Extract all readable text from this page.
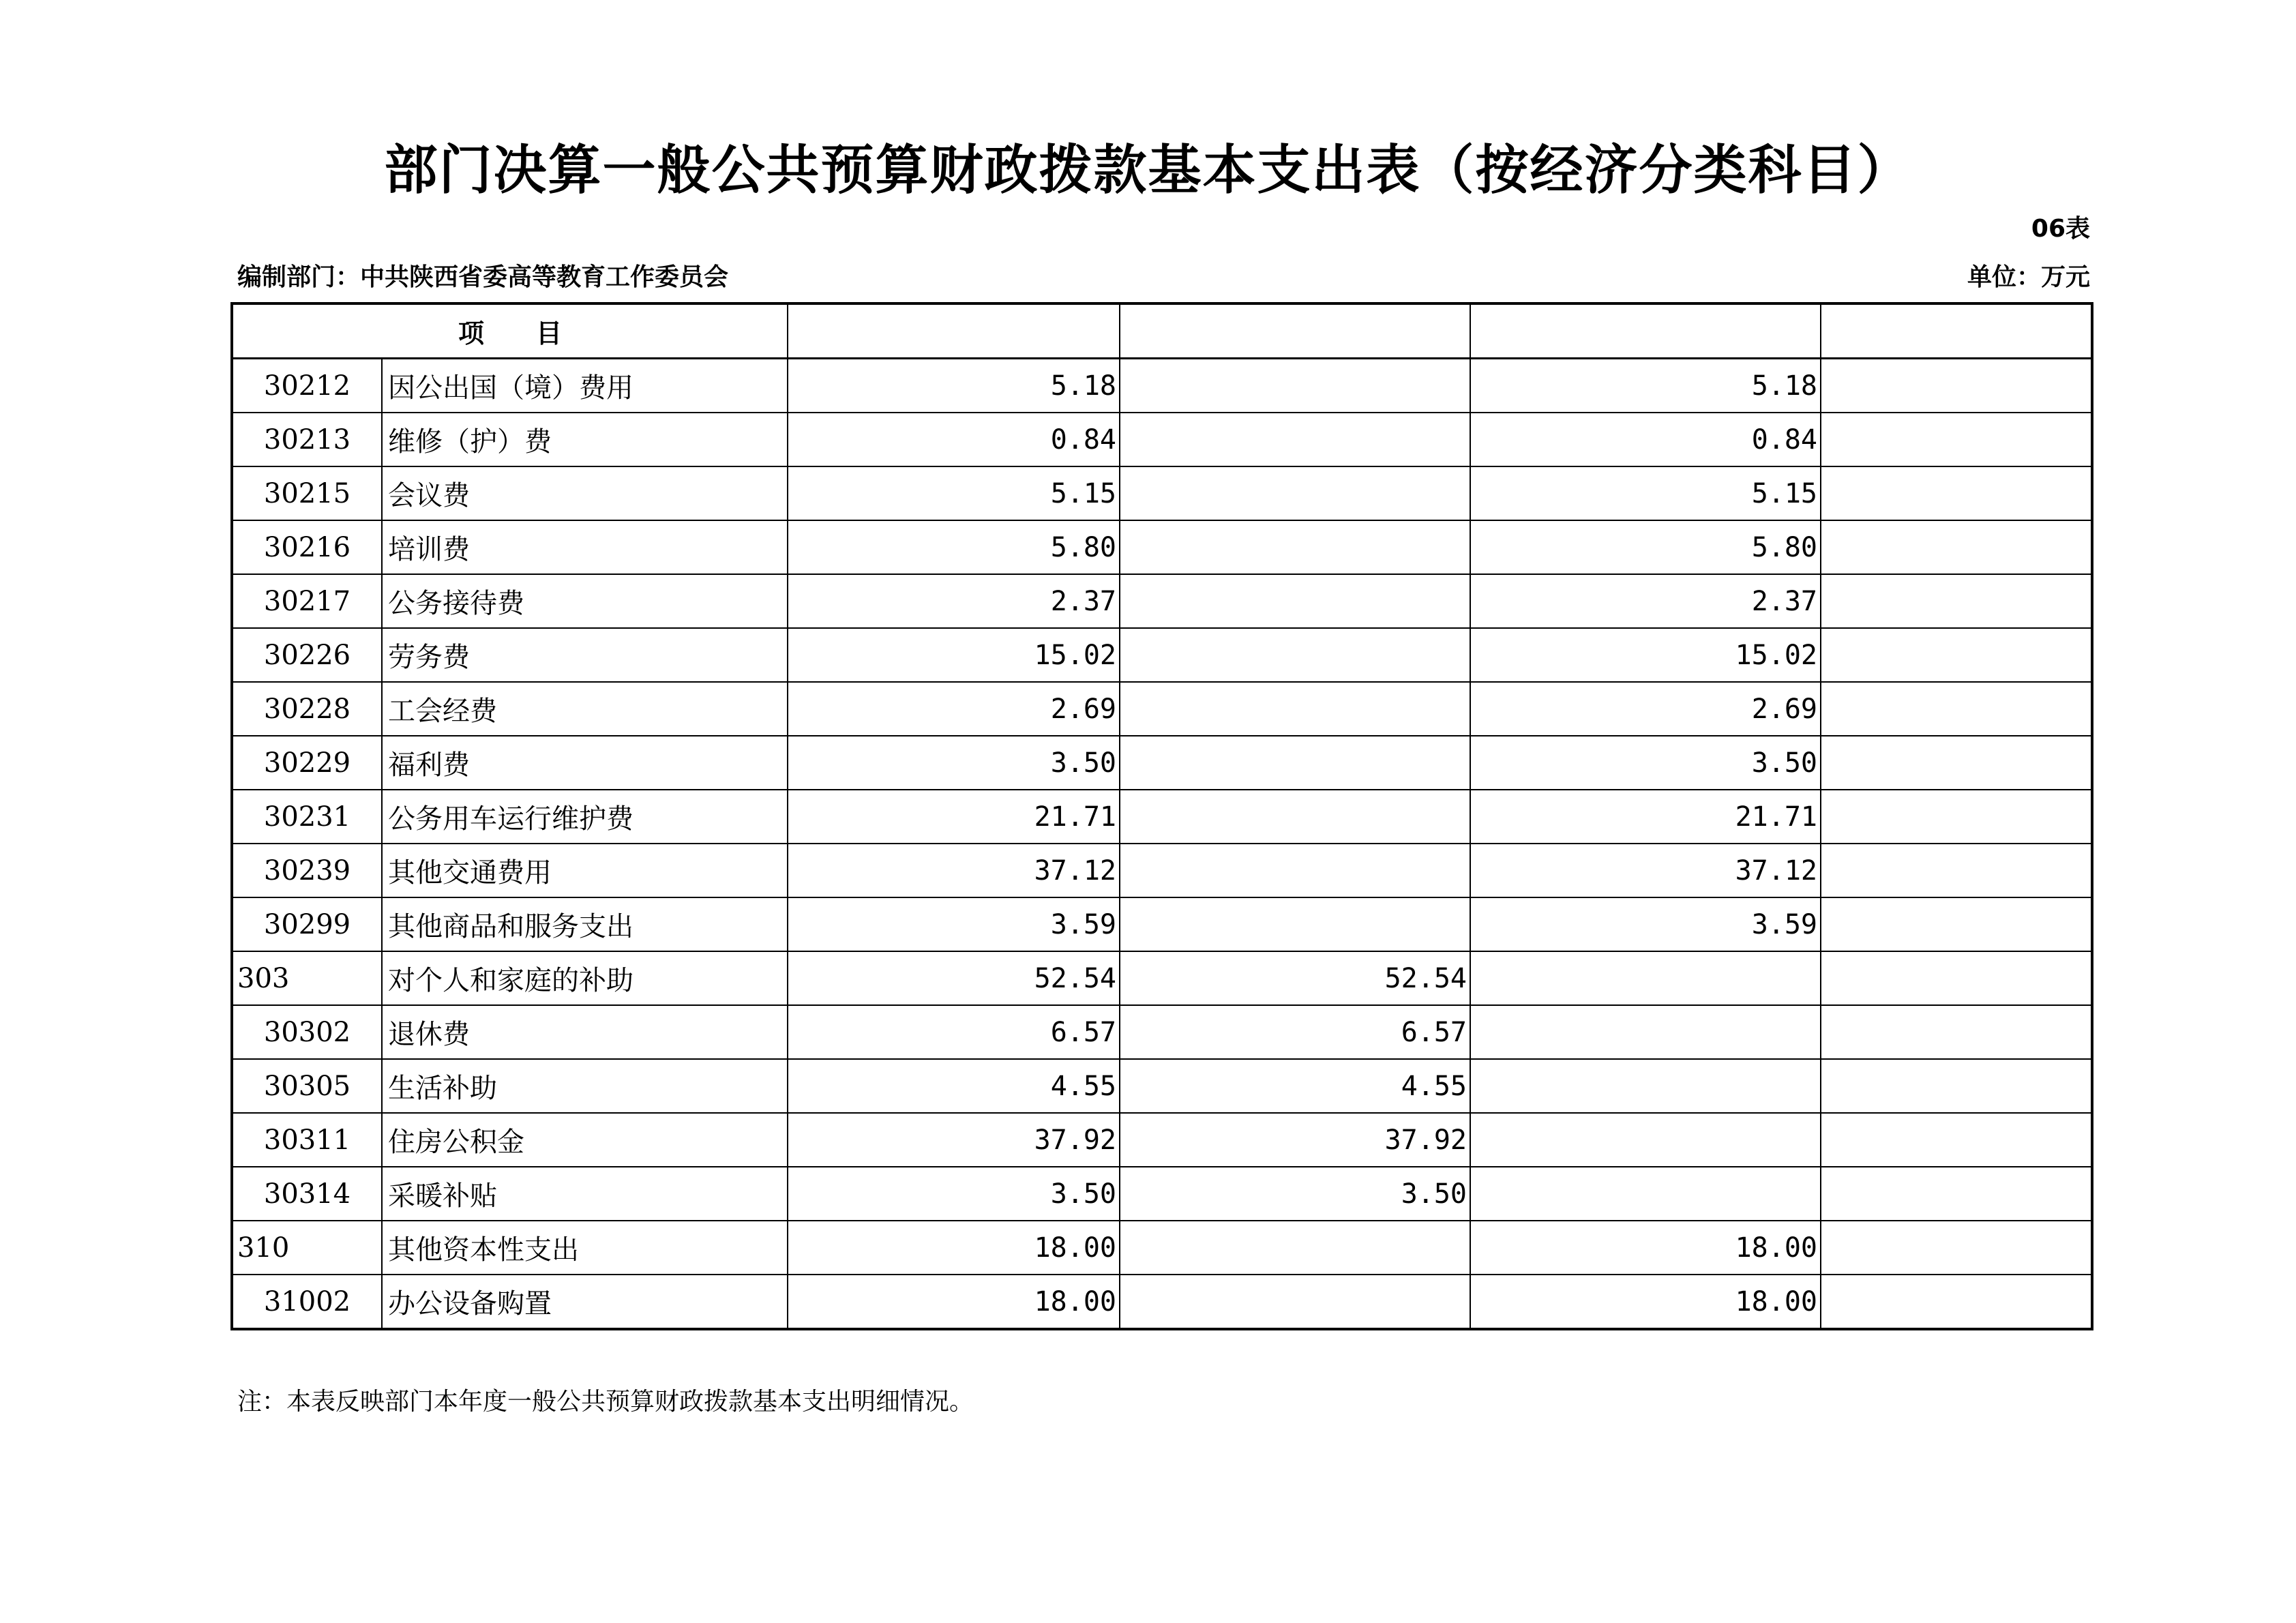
部门决算一般公共预算财政拨款基本支出表（按经济分类科目）
06表
编制部门：中共陕西省委高等教育工作委员会	单位：万元
项　　目					
30212	因公出国（境）费用	5.18		5.18	
30213	维修（护）费	0.84		0.84	
30215	会议费	5.15		5.15	
30216	培训费	5.80		5.80	
30217	公务接待费	2.37		2.37	
30226	劳务费	15.02		15.02	
30228	工会经费	2.69		2.69	
30229	福利费	3.50		3.50	
30231	公务用车运行维护费	21.71		21.71	
30239	其他交通费用	37.12		37.12	
30299	其他商品和服务支出	3.59		3.59	
303	对个人和家庭的补助	52.54	52.54		
30302	退休费	6.57	6.57		
30305	生活补助	4.55	4.55		
30311	住房公积金	37.92	37.92		
30314	采暖补贴	3.50	3.50		
310	其他资本性支出	18.00		18.00	
31002	办公设备购置	18.00		18.00	
注：本表反映部门本年度一般公共预算财政拨款基本支出明细情况。
